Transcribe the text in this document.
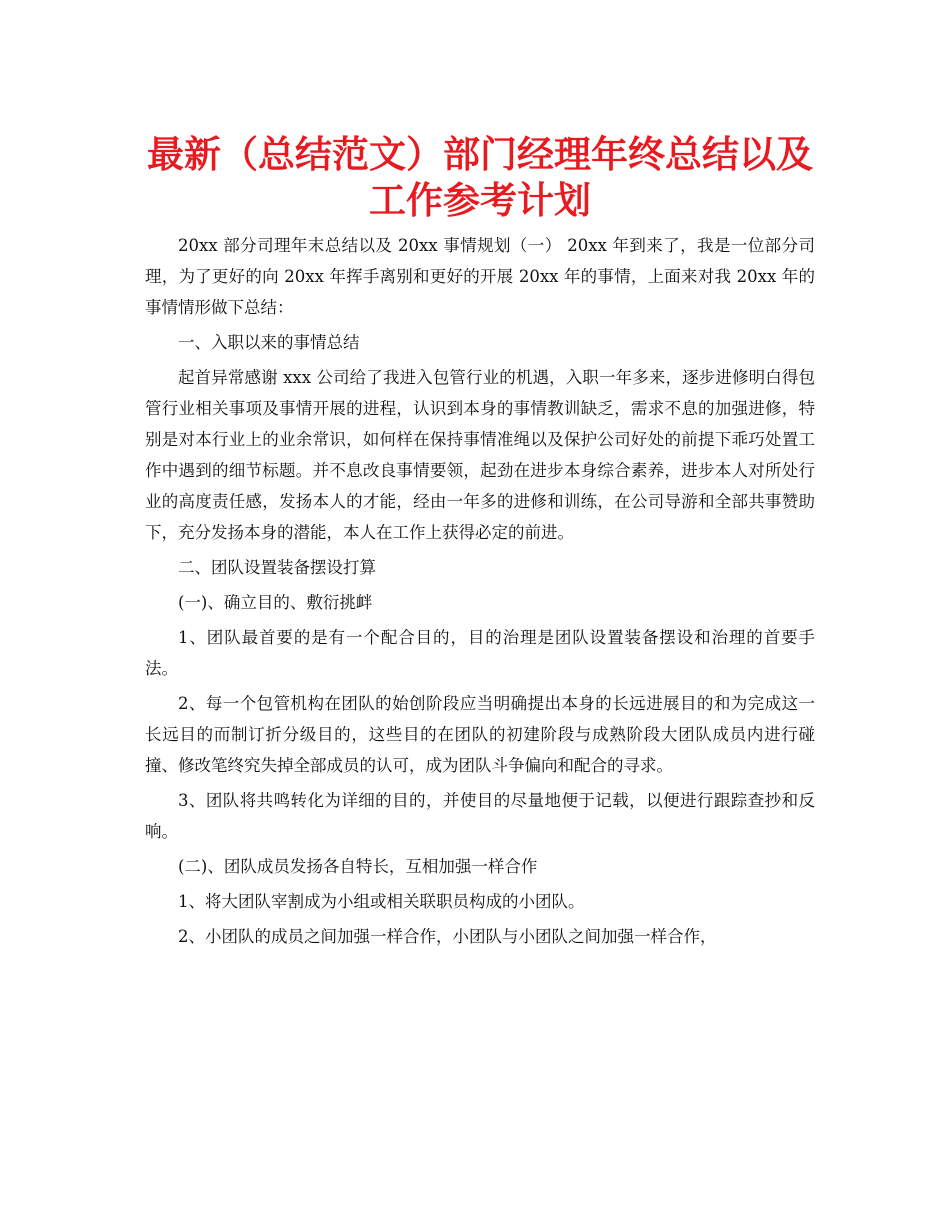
最新（总结范文）部门经理年终总结以及
工作参考计划

20xx 部分司理年末总结以及 20xx 事情规划（一） 20xx 年到来了，我是一位部分司理，为了更好的向 20xx 年挥手离别和更好的开展 20xx 年的事情，上面来对我 20xx 年的事情情形做下总结：

一、入职以来的事情总结

起首异常感谢 xxx 公司给了我进入包管行业的机遇，入职一年多来，逐步进修明白得包管行业相关事项及事情开展的进程，认识到本身的事情教训缺乏，需求不息的加强进修，特别是对本行业上的业余常识，如何样在保持事情准绳以及保护公司好处的前提下乖巧处置工作中遇到的细节标题。并不息改良事情要领，起劲在进步本身综合素养，进步本人对所处行业的高度责任感，发扬本人的才能，经由一年多的进修和训练，在公司导游和全部共事赞助下，充分发扬本身的潜能，本人在工作上获得必定的前进。

二、团队设置装备摆设打算

(一)、确立目的、敷衍挑衅

1、团队最首要的是有一个配合目的，目的治理是团队设置装备摆设和治理的首要手法。

2、每一个包管机构在团队的始创阶段应当明确提出本身的长远进展目的和为完成这一长远目的而制订折分级目的，这些目的在团队的初建阶段与成熟阶段大团队成员内进行碰撞、修改笔终究失掉全部成员的认可，成为团队斗争偏向和配合的寻求。

3、团队将共鸣转化为详细的目的，并使目的尽量地便于记载，以便进行跟踪查抄和反响。

(二)、团队成员发扬各自特长，互相加强一样合作

1、将大团队宰割成为小组或相关联职员构成的小团队。

2、小团队的成员之间加强一样合作，小团队与小团队之间加强一样合作，
